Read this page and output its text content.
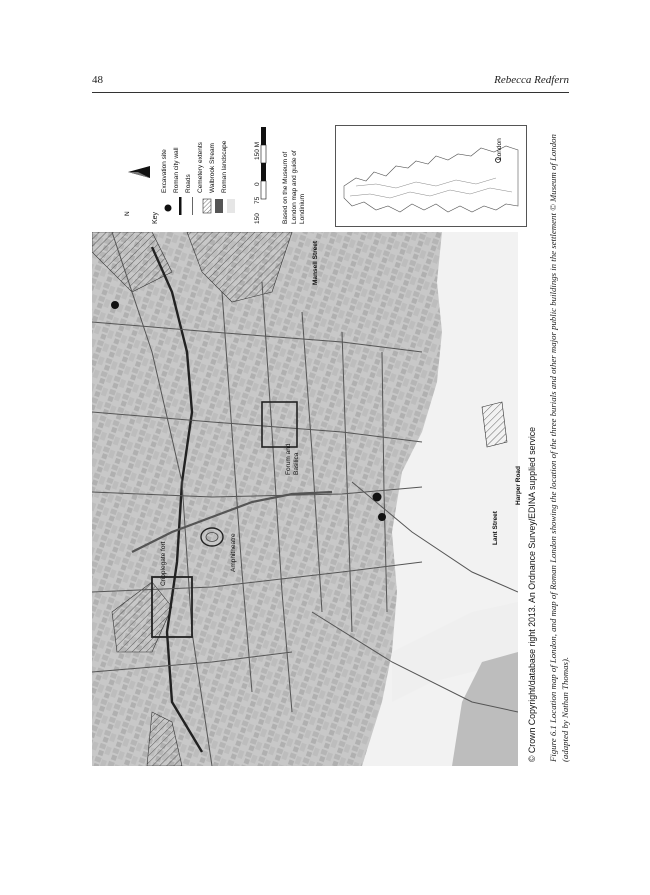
48	Rebecca Redfern
N	Key
Excavation site Roman city wall Roads Cemetery extents Walbrook Stream Roman landscape
150
75
0
150 M
Based on the Museum of London map and guide of Londinium
London
Mansell Street
Forum and Basilica
Cripplegate fort	Amphitheatre
Lant Street
Harper Road © Crown Copyright/database right 2013. An Ordnance Survey/EDINA supplied service Figure 6.1 Location map of London, and map of Roman London showing the location of the three burials and other major public buildings in the settlement © Museum of London (adapted by Nathan Thomas).
